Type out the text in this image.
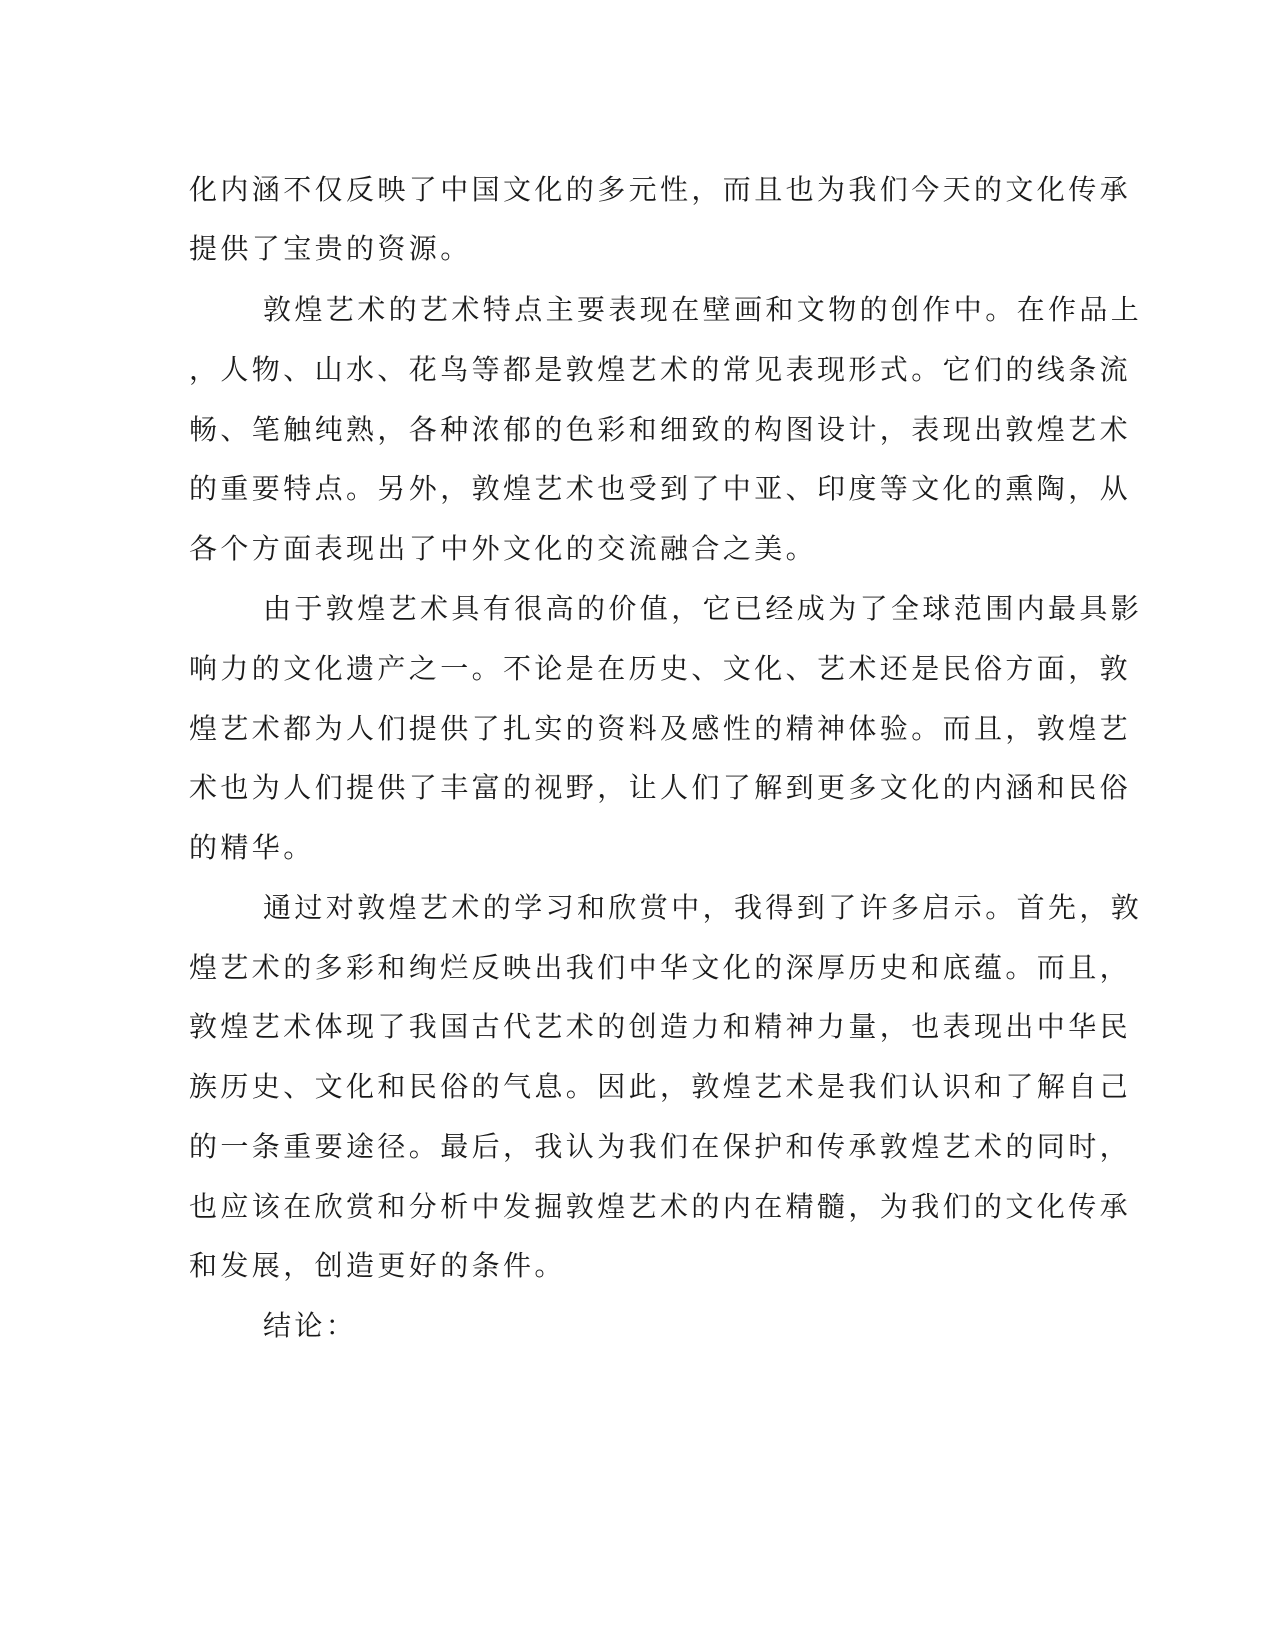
化内涵不仅反映了中国文化的多元性，而且也为我们今天的文化传承
提供了宝贵的资源。
敦煌艺术的艺术特点主要表现在壁画和文物的创作中。在作品上
，人物、山水、花鸟等都是敦煌艺术的常见表现形式。它们的线条流
畅、笔触纯熟，各种浓郁的色彩和细致的构图设计，表现出敦煌艺术
的重要特点。另外，敦煌艺术也受到了中亚、印度等文化的熏陶，从
各个方面表现出了中外文化的交流融合之美。
由于敦煌艺术具有很高的价值，它已经成为了全球范围内最具影
响力的文化遗产之一。不论是在历史、文化、艺术还是民俗方面，敦
煌艺术都为人们提供了扎实的资料及感性的精神体验。而且，敦煌艺
术也为人们提供了丰富的视野，让人们了解到更多文化的内涵和民俗
的精华。
通过对敦煌艺术的学习和欣赏中，我得到了许多启示。首先，敦
煌艺术的多彩和绚烂反映出我们中华文化的深厚历史和底蕴。而且，
敦煌艺术体现了我国古代艺术的创造力和精神力量，也表现出中华民
族历史、文化和民俗的气息。因此，敦煌艺术是我们认识和了解自己
的一条重要途径。最后，我认为我们在保护和传承敦煌艺术的同时，
也应该在欣赏和分析中发掘敦煌艺术的内在精髓，为我们的文化传承
和发展，创造更好的条件。
结论：
